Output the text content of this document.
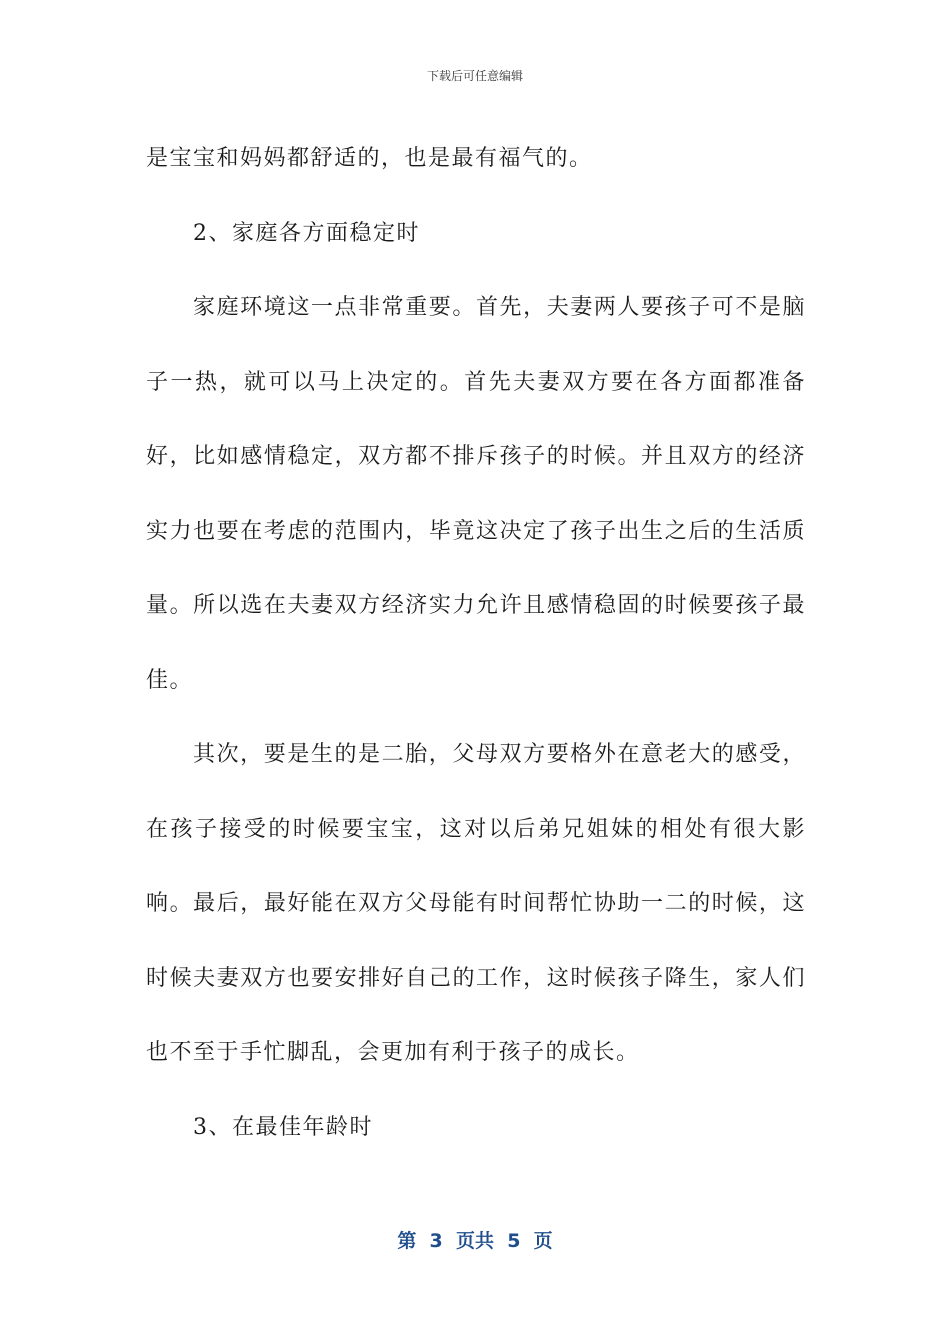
下载后可任意编辑

是宝宝和妈妈都舒适的，也是最有福气的。

2、家庭各方面稳定时

家庭环境这一点非常重要。首先，夫妻两人要孩子可不是脑子一热，就可以马上决定的。首先夫妻双方要在各方面都准备好，比如感情稳定，双方都不排斥孩子的时候。并且双方的经济实力也要在考虑的范围内，毕竟这决定了孩子出生之后的生活质量。所以选在夫妻双方经济实力允许且感情稳固的时候要孩子最佳。

其次，要是生的是二胎，父母双方要格外在意老大的感受，在孩子接受的时候要宝宝，这对以后弟兄姐妹的相处有很大影响。最后，最好能在双方父母能有时间帮忙协助一二的时候，这时候夫妻双方也要安排好自己的工作，这时候孩子降生，家人们也不至于手忙脚乱，会更加有利于孩子的成长。

3、在最佳年龄时

第  3  页共  5  页
